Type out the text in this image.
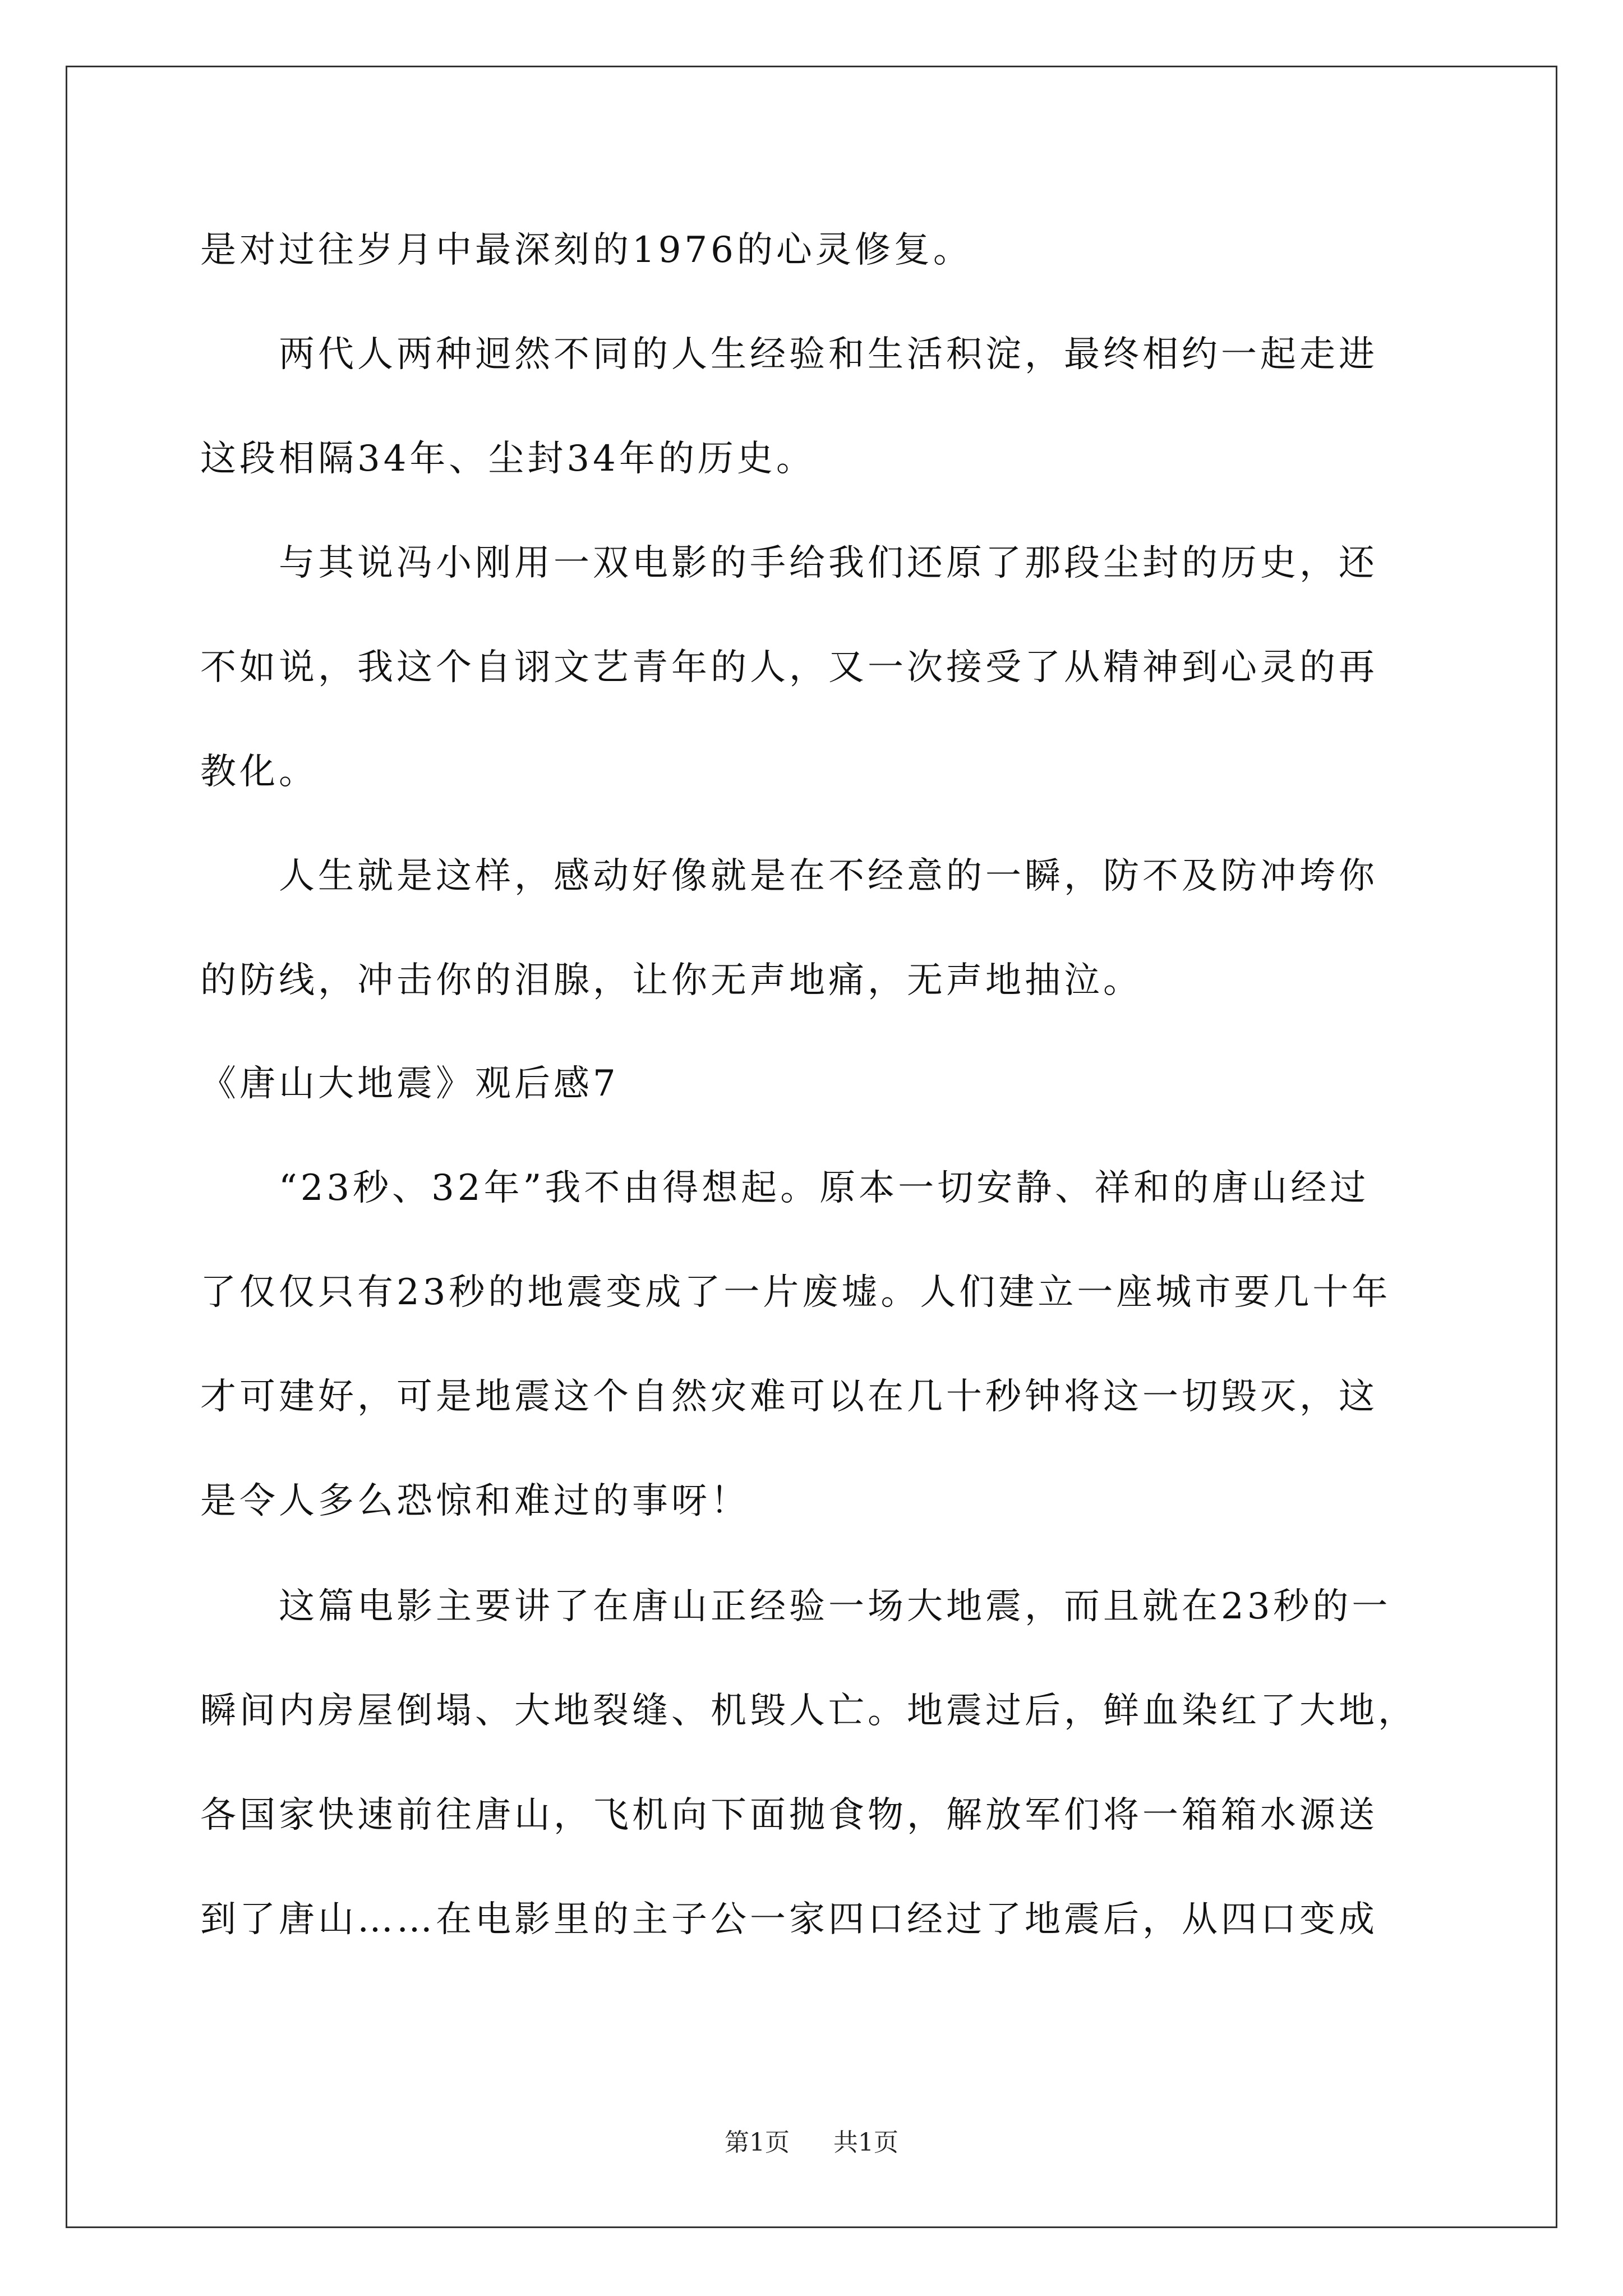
是对过往岁月中最深刻的1976的心灵修复。

　　两代人两种迥然不同的人生经验和生活积淀，最终相约一起走进
这段相隔34年、尘封34年的历史。

　　与其说冯小刚用一双电影的手给我们还原了那段尘封的历史，还
不如说，我这个自诩文艺青年的人，又一次接受了从精神到心灵的再
教化。

　　人生就是这样，感动好像就是在不经意的一瞬，防不及防冲垮你
的防线，冲击你的泪腺，让你无声地痛，无声地抽泣。

《唐山大地震》观后感7

　　“23秒、32年”我不由得想起。原本一切安静、祥和的唐山经过
了仅仅只有23秒的地震变成了一片废墟。人们建立一座城市要几十年
才可建好，可是地震这个自然灾难可以在几十秒钟将这一切毁灭，这
是令人多么恐惊和难过的事呀！

　　这篇电影主要讲了在唐山正经验一场大地震，而且就在23秒的一
瞬间内房屋倒塌、大地裂缝、机毁人亡。地震过后，鲜血染红了大地，
各国家快速前往唐山，飞机向下面抛食物，解放军们将一箱箱水源送
到了唐山……在电影里的主子公一家四口经过了地震后，从四口变成

第1页 共1页
